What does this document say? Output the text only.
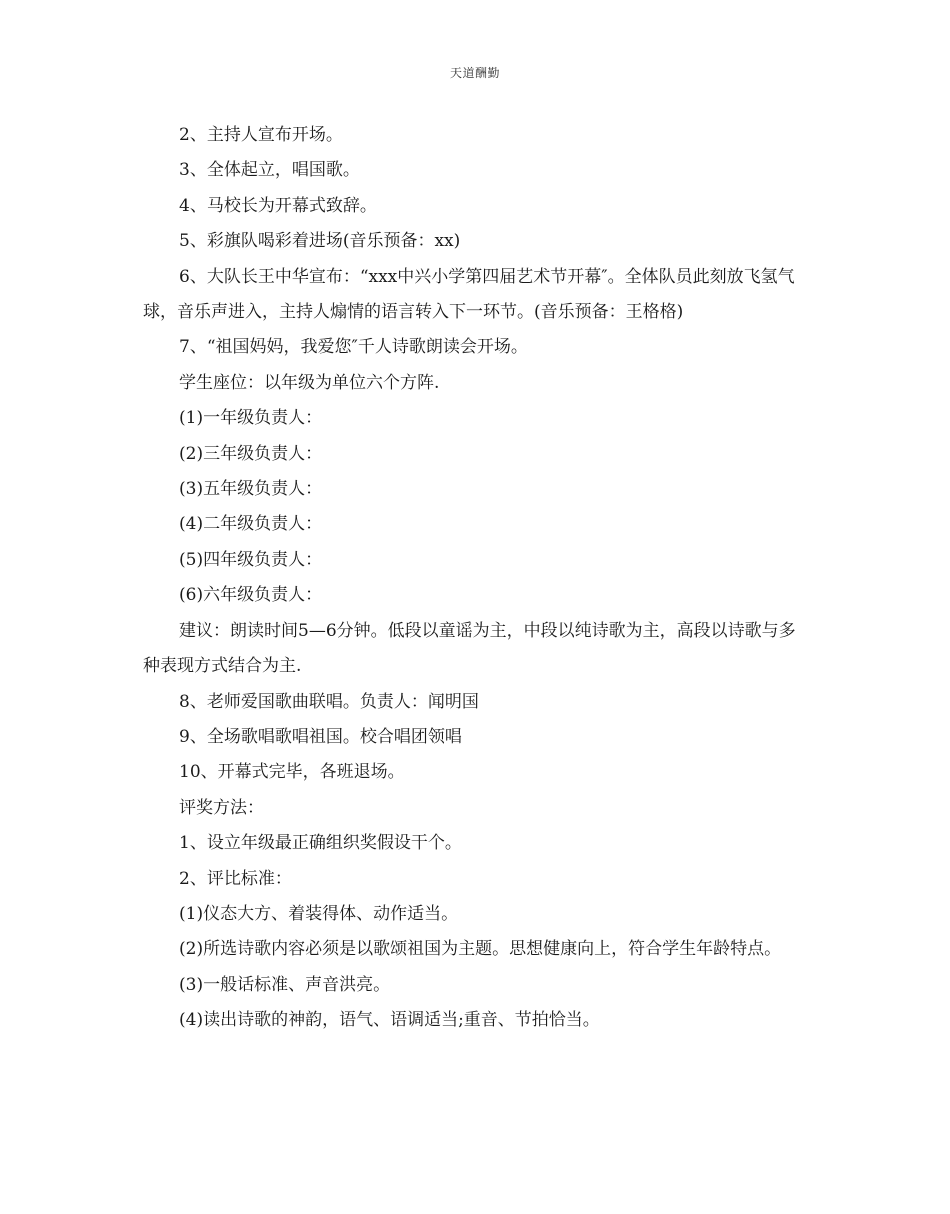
天道酬勤

2、主持人宣布开场。

3、全体起立，唱国歌。

4、马校长为开幕式致辞。

5、彩旗队喝彩着进场(音乐预备：xx)

6、大队长王中华宣布：“xxx中兴小学第四届艺术节开幕″。全体队员此刻放飞氢气球，音乐声进入，主持人煽情的语言转入下一环节。(音乐预备：王格格)

7、“祖国妈妈，我爱您″千人诗歌朗读会开场。

学生座位：以年级为单位六个方阵.

(1)一年级负责人：

(2)三年级负责人：

(3)五年级负责人：

(4)二年级负责人：

(5)四年级负责人：

(6)六年级负责人：

建议：朗读时间5—6分钟。低段以童谣为主，中段以纯诗歌为主，高段以诗歌与多种表现方式结合为主.

8、老师爱国歌曲联唱。负责人：闻明国

9、全场歌唱歌唱祖国。校合唱团领唱

10、开幕式完毕，各班退场。

评奖方法：

1、设立年级最正确组织奖假设干个。

2、评比标准：

(1)仪态大方、着装得体、动作适当。

(2)所选诗歌内容必须是以歌颂祖国为主题。思想健康向上，符合学生年龄特点。

(3)一般话标准、声音洪亮。

(4)读出诗歌的神韵，语气、语调适当;重音、节拍恰当。
